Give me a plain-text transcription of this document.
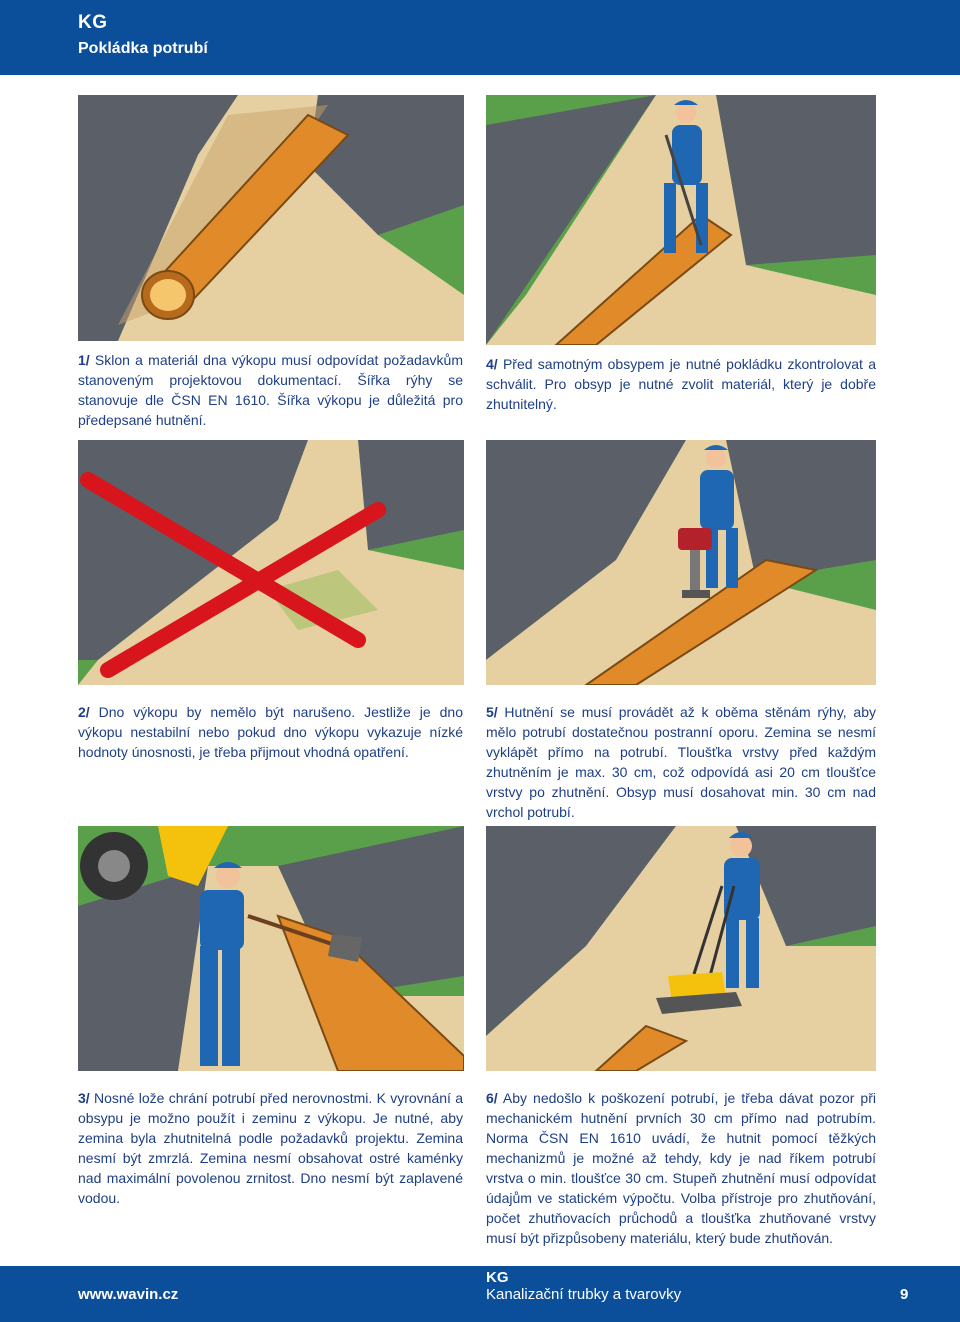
KG
Pokládka potrubí
1/ Sklon a materiál dna výkopu musí odpovídat požadavkům stanoveným projektovou dokumentací. Šířka rýhy se stanovuje dle ČSN EN 1610. Šířka výkopu je důležitá pro předepsané hutnění.
4/ Před samotným obsypem je nutné pokládku zkontrolovat a schválit. Pro obsyp je nutné zvolit materiál, který je dobře zhutnitelný.
2/ Dno výkopu by nemělo být narušeno. Jestliže je dno výkopu nestabilní nebo pokud dno výkopu vykazuje nízké hodnoty únosnosti, je třeba přijmout vhodná opatření.
5/ Hutnění se musí provádět až k oběma stěnám rýhy, aby mělo potrubí dostatečnou postranní oporu. Zemina se nesmí vyklápět přímo na potrubí. Tloušťka vrstvy před každým zhutněním je max. 30 cm, což odpovídá asi 20 cm tloušťce vrstvy po zhutnění. Obsyp musí dosahovat min. 30 cm nad vrchol potrubí.
3/ Nosné lože chrání potrubí před nerovnostmi. K vyrovnání a obsypu je možno použít i zeminu z výkopu. Je nutné, aby zemina byla zhutnitelná podle požadavků projektu. Zemina nesmí být zmrzlá. Zemina nesmí obsahovat ostré kaménky nad maximální povolenou zrnitost. Dno nesmí být zaplavené vodou.
6/ Aby nedošlo k poškození potrubí, je třeba dávat pozor při mechanickém hutnění prvních 30 cm přímo nad potrubím. Norma ČSN EN 1610 uvádí, že hutnit pomocí těžkých mechanizmů je možné až tehdy, kdy je nad říkem potrubí vrstva o min. tloušťce 30 cm. Stupeň zhutnění musí odpovídat údajům ve statickém výpočtu. Volba přístroje pro zhutňování, počet zhutňovacích průchodů a tloušťka zhutňované vrstvy musí být přizpůsobeny materiálu, který bude zhutňován.
www.wavin.cz
KG
Kanalizační trubky a tvarovky	9
